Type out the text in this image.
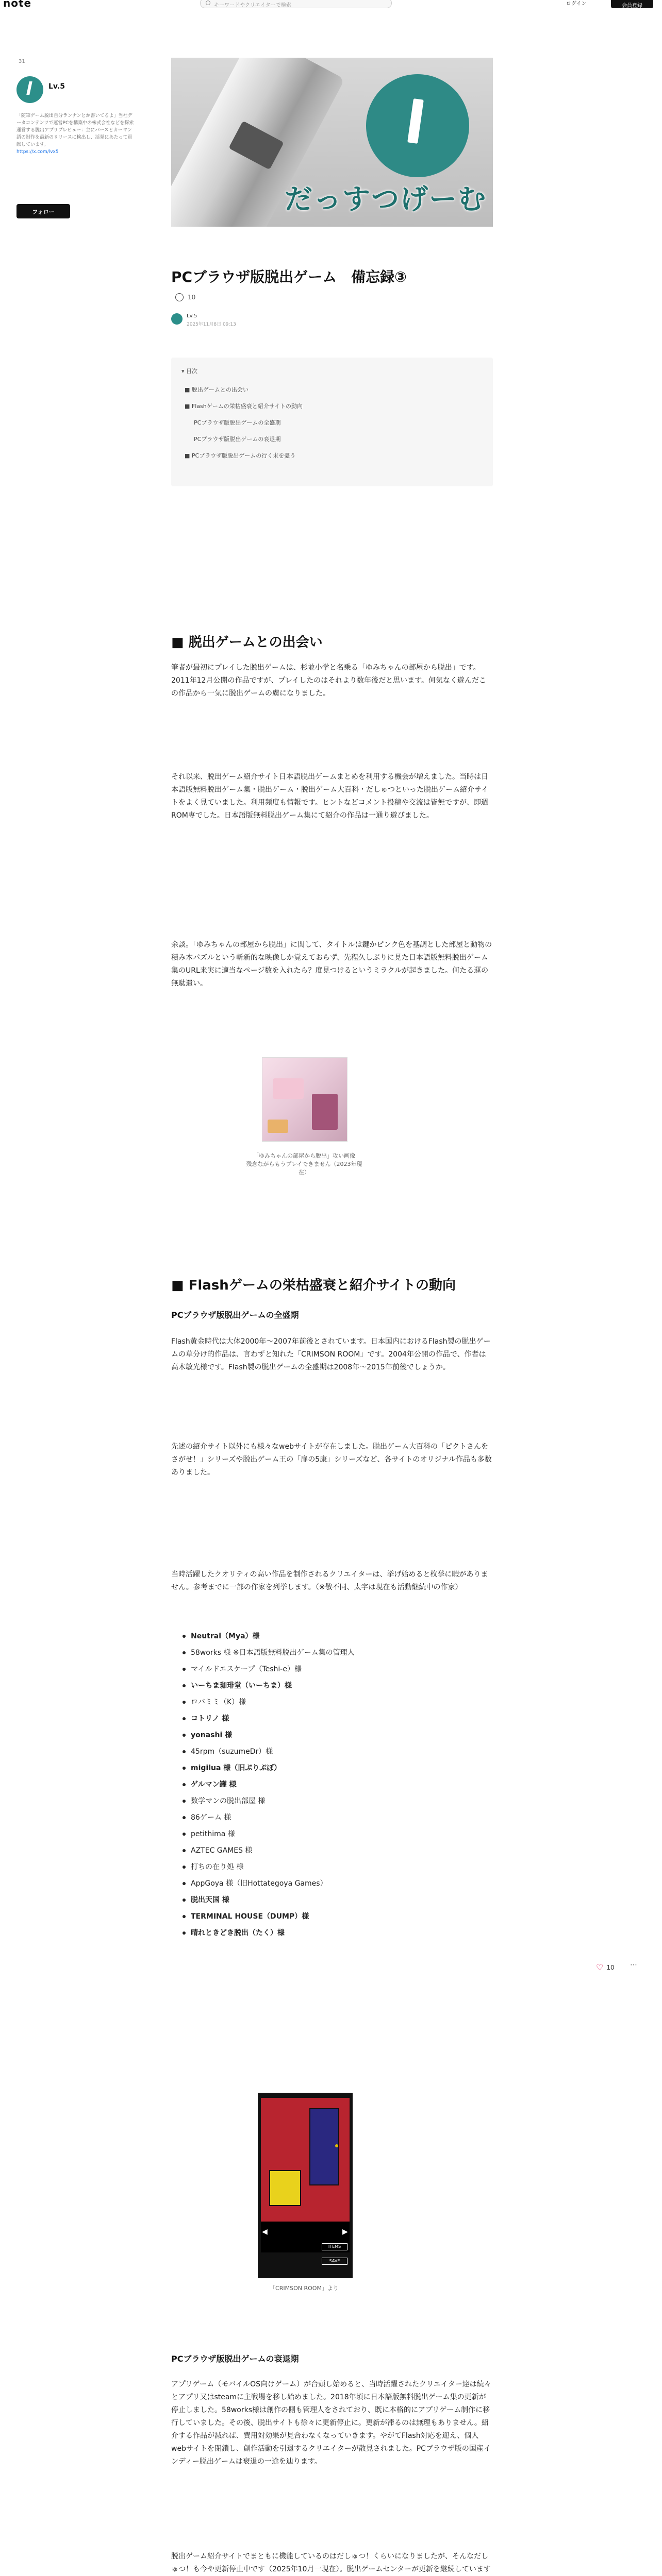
note	キーワードやクリエイターで検索	ログイン	会員登録
31
Lv.5
「随筆ゲーム脱出自分ランナンとか書いてるよ」当社データコンテンツで運営PCを構築中の株式会社などを探索運営する脱出アプリプレビュー：主にパースとカーマン語の制作を最新のリリースに検出し、活発にあたって貢献しています。
https://x.com/lvx5
フォロー	だっすつげーむ
PCブラウザ版脱出ゲーム　備忘録③
10
Lv.5
2025年11月8日 09:13
▾ 目次
■ 脱出ゲームとの出会い
■ Flashゲームの栄枯盛衰と紹介サイトの動向
PCブラウザ版脱出ゲームの全盛期
PCブラウザ版脱出ゲームの衰退期
■ PCブラウザ版脱出ゲームの行く末を憂う
■ 脱出ゲームとの出会い

筆者が最初にプレイした脱出ゲームは、杉並小学と名乗る「ゆみちゃんの部屋から脱出」です。2011年12月公開の作品ですが、プレイしたのはそれより数年後だと思います。何気なく遊んだこの作品から一気に脱出ゲームの虜になりました。

それ以来、脱出ゲーム紹介サイト日本語脱出ゲームまとめを利用する機会が増えました。当時は日本語版無料脱出ゲーム集・脱出ゲーム・脱出ゲーム大百科・だしゅつといった脱出ゲーム紹介サイトをよく見ていました。利用頻度も情報です。ヒントなどコメント投稿や交流は皆無ですが、即週ROM専でした。日本語版無料脱出ゲーム集にて紹介の作品は一通り遊びました。

余談。「ゆみちゃんの部屋から脱出」に関して、タイトルは鍵かピンク色を基調とした部屋と動物の積み木パズルという斬新的な映像しか覚えておらず、先程久しぶりに見た日本語版無料脱出ゲーム集のURL来実に適当なページ数を入れたら？度見つけるというミラクルが起きました。何たる運の無駄遣い。

「ゆみちゃんの部屋から脱出」攻い画像
残念ながらもうプレイできません（2023年現在）
■ Flashゲームの栄枯盛衰と紹介サイトの動向
PCブラウザ版脱出ゲームの全盛期

Flash黄金時代は大体2000年〜2007年前後とされています。日本国内におけるFlash製の脱出ゲームの草分け的作品は、言わずと知れた「CRIMSON ROOM」です。2004年公開の作品で、作者は高木敏光様です。Flash製の脱出ゲームの全盛期は2008年〜2015年前後でしょうか。

先述の紹介サイト以外にも様々なwebサイトが存在しました。脱出ゲーム大百科の「ピクトさんをさがせ！」シリーズや脱出ゲーム王の「扉の5康」シリーズなど、各サイトのオリジナル作品も多数ありました。

当時活躍したクオリティの高い作品を制作されるクリエイターは、挙げ始めると枚挙に暇がありません。参考までに一部の作家を列挙します。（※敬不同、太字は現在も活動継続中の作家）

Neutral（Mya）様
58works 様 ※日本語版無料脱出ゲーム集の管理人
マイルドエスケープ（Teshi-e）様
いーちま珈琲堂（いーちま）様
ロバミミ（K）様
コトリノ 様
yonashi 様
45rpm（suzumeDr）様
migilua 様（旧ぷりぷぼ）
ゲルマン罐 様
数学マンの脱出部屋 様
86ゲーム 様
petithima 様
AZTEC GAMES 様
打ちの在り処 様
AppGoya 様（旧Hottategoya Games）
脱出天国 様
TERMINAL HOUSE（DUMP）様
晴れときどき脱出（たく）様
◀	▶
ITEMS
SAVE
「CRIMSON ROOM」より
PCブラウザ版脱出ゲームの衰退期

アプリゲーム（モバイルOS向けゲーム）が台頭し始めると、当時活躍されたクリエイター達は続々とアプリ又はsteamに主戦場を移し始めました。2018年頃に日本語版無料脱出ゲーム集の更新が停止しました。58works様は創作の側も管理人をされており、既に本格的にアプリゲーム制作に移行していました。その後、脱出サイトも徐々に更新停止に。更新が滞るのは無理もありません。紹介する作品が減れば、費用対効果が見合わなくなっていきます。やがてFlash対応を迎え、個人webサイトを閉鎖し、創作活動を引退するクリエイターが散見されました。PCブラウザ版の国産インディー脱出ゲームは衰退の一途を辿ります。

脱出ゲーム紹介サイトでまともに機能しているのはだしゅつ！くらいになりましたが、そんなだしゅつ！も今や更新停止中です（2025年10月一現在）。脱出ゲームセンターが更新を継続しています

♡ 10 ⋯
